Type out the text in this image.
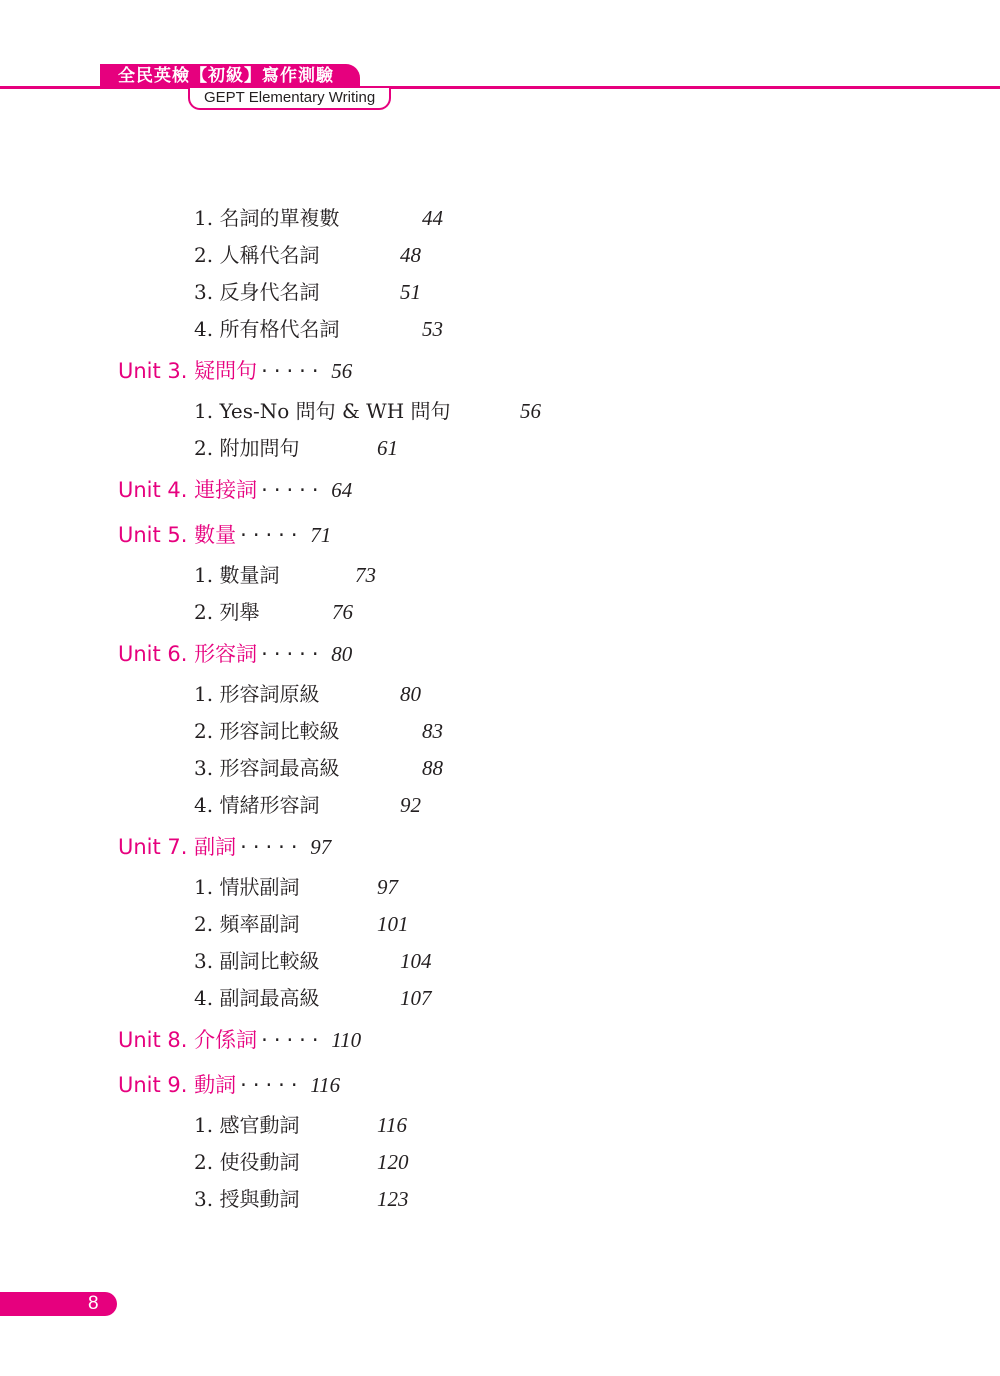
全民英檢【初級】寫作測驗
GEPT Elementary Writing
1. 名詞的單複數	44
2. 人稱代名詞	48
3. 反身代名詞	51
4. 所有格代名詞	53
Unit 3. 疑問句 ····· 56
1. Yes-No 問句 & WH 問句	56
2. 附加問句	61
Unit 4. 連接詞 ····· 64
Unit 5. 數量 ····· 71
1. 數量詞	73
2. 列舉	76
Unit 6. 形容詞 ····· 80
1. 形容詞原級	80
2. 形容詞比較級	83
3. 形容詞最高級	88
4. 情緒形容詞	92
Unit 7. 副詞 ····· 97
1. 情狀副詞	97
2. 頻率副詞	101
3. 副詞比較級	104
4. 副詞最高級	107
Unit 8. 介係詞 ····· 110
Unit 9. 動詞 ····· 116
1. 感官動詞	116
2. 使役動詞	120
3. 授與動詞	123
8
